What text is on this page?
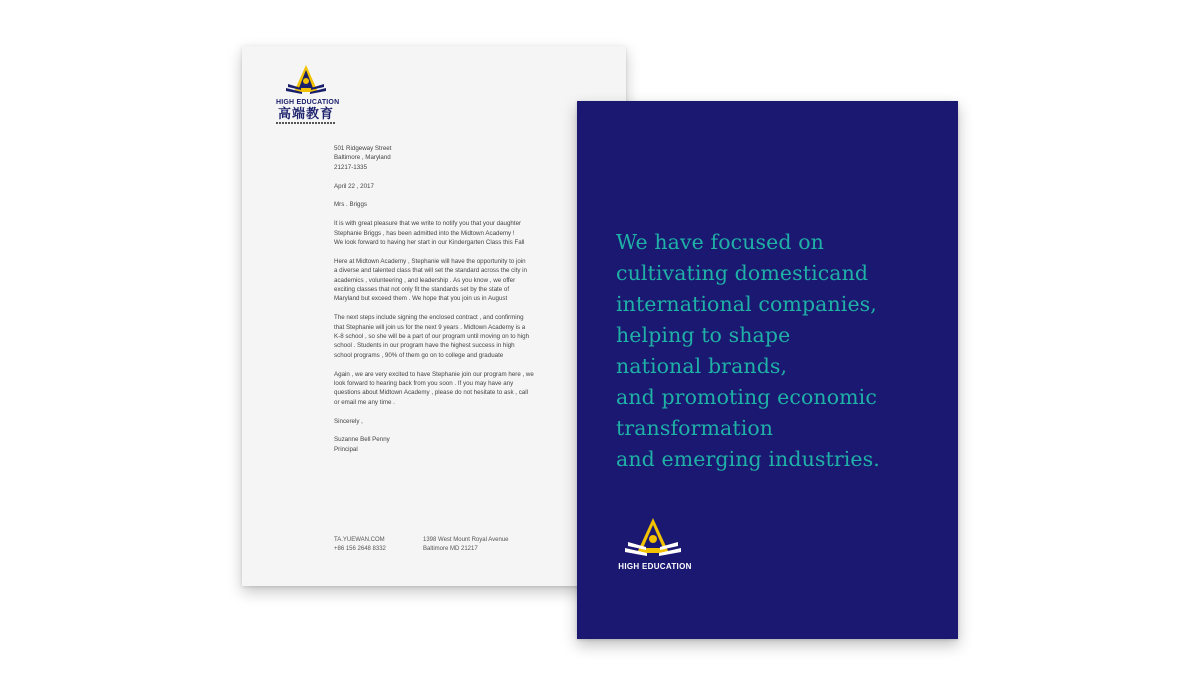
HIGH EDUCATION
高端教育

501 Ridgeway Street
Baltimore , Maryland
21217-1335

April 22 , 2017

Mrs . Briggs

It is with great pleasure that we write to notify you that your daughter
Stephanie Briggs , has been admitted into the Midtown Academy !
We look forward to having her start in our Kindergarten Class this Fall

Here at Midtown Academy , Stephanie will have the opportunity to join
a diverse and talented class that will set the standard across the city in
academics , volunteering , and leadership . As you know , we offer
exciting classes that not only fit the standards set by the state of
Maryland but exceed them . We hope that you join us in August

The next steps include signing the enclosed contract , and confirming
that Stephanie will join us for the next 9 years . Midtown Academy is a
K-8 school , so she will be a part of our program until moving on to high
school . Students in our program have the highest success in high
school programs , 90% of them go on to college and graduate

Again , we are very excited to have Stephanie join our program here , we
look forward to hearing back from you soon . If you may have any
questions about Midtown Academy , please do not hesitate to ask , call
or email me any time .

Sincerely ,

Suzanne Bell Penny
Principal

TA.YUEWAN.COM
+86 156 2648 8332
1398 West Mount Royal Avenue
Baltimore MD 21217
We have focused on
cultivating domesticand
international companies,
helping to shape
national brands,
and promoting economic
transformation
and emerging industries.
HIGH EDUCATION
